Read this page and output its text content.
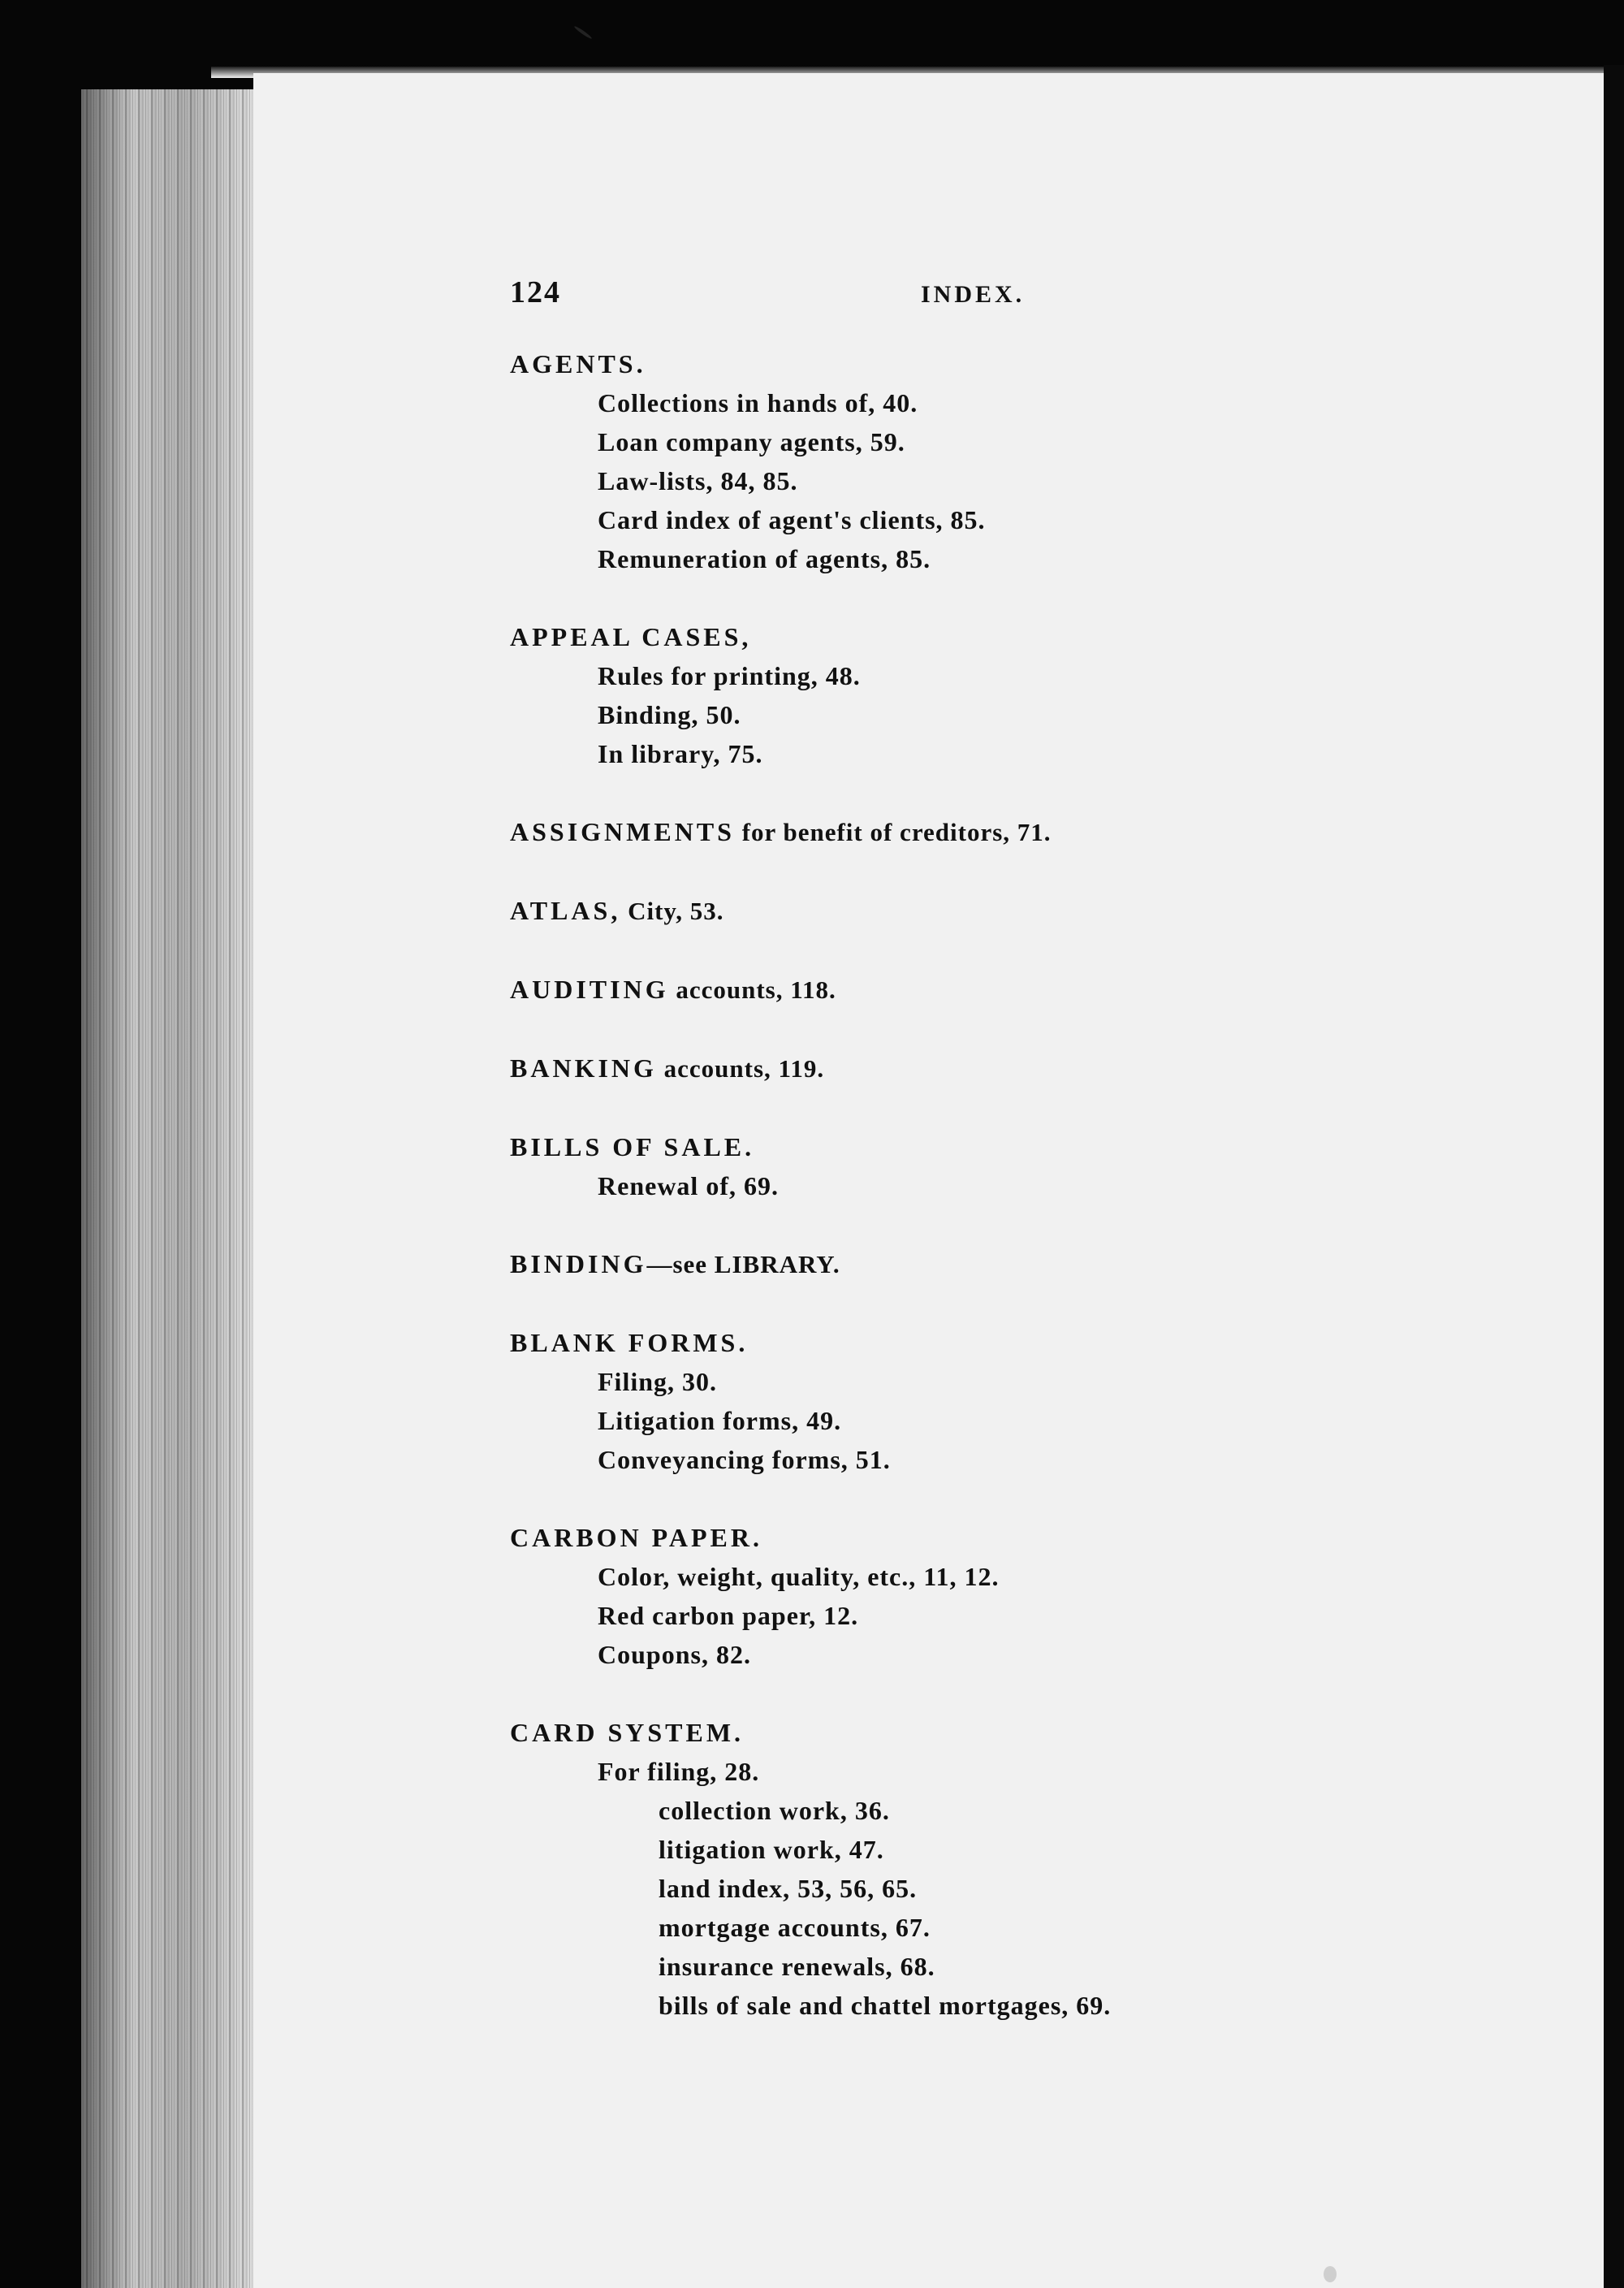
124	INDEX.
AGENTS.
Collections in hands of, 40.
Loan company agents, 59.
Law-lists, 84, 85.
Card index of agent's clients, 85.
Remuneration of agents, 85.
APPEAL CASES,
Rules for printing, 48.
Binding, 50.
In library, 75.
ASSIGNMENTS for benefit of creditors, 71.
ATLAS, City, 53.
AUDITING accounts, 118.
BANKING accounts, 119.
BILLS OF SALE.
Renewal of, 69.
BINDING—see LIBRARY.
BLANK FORMS.
Filing, 30.
Litigation forms, 49.
Conveyancing forms, 51.
CARBON PAPER.
Color, weight, quality, etc., 11, 12.
Red carbon paper, 12.
Coupons, 82.
CARD SYSTEM.
For filing, 28.
collection work, 36.
litigation work, 47.
land index, 53, 56, 65.
mortgage accounts, 67.
insurance renewals, 68.
bills of sale and chattel mortgages, 69.
